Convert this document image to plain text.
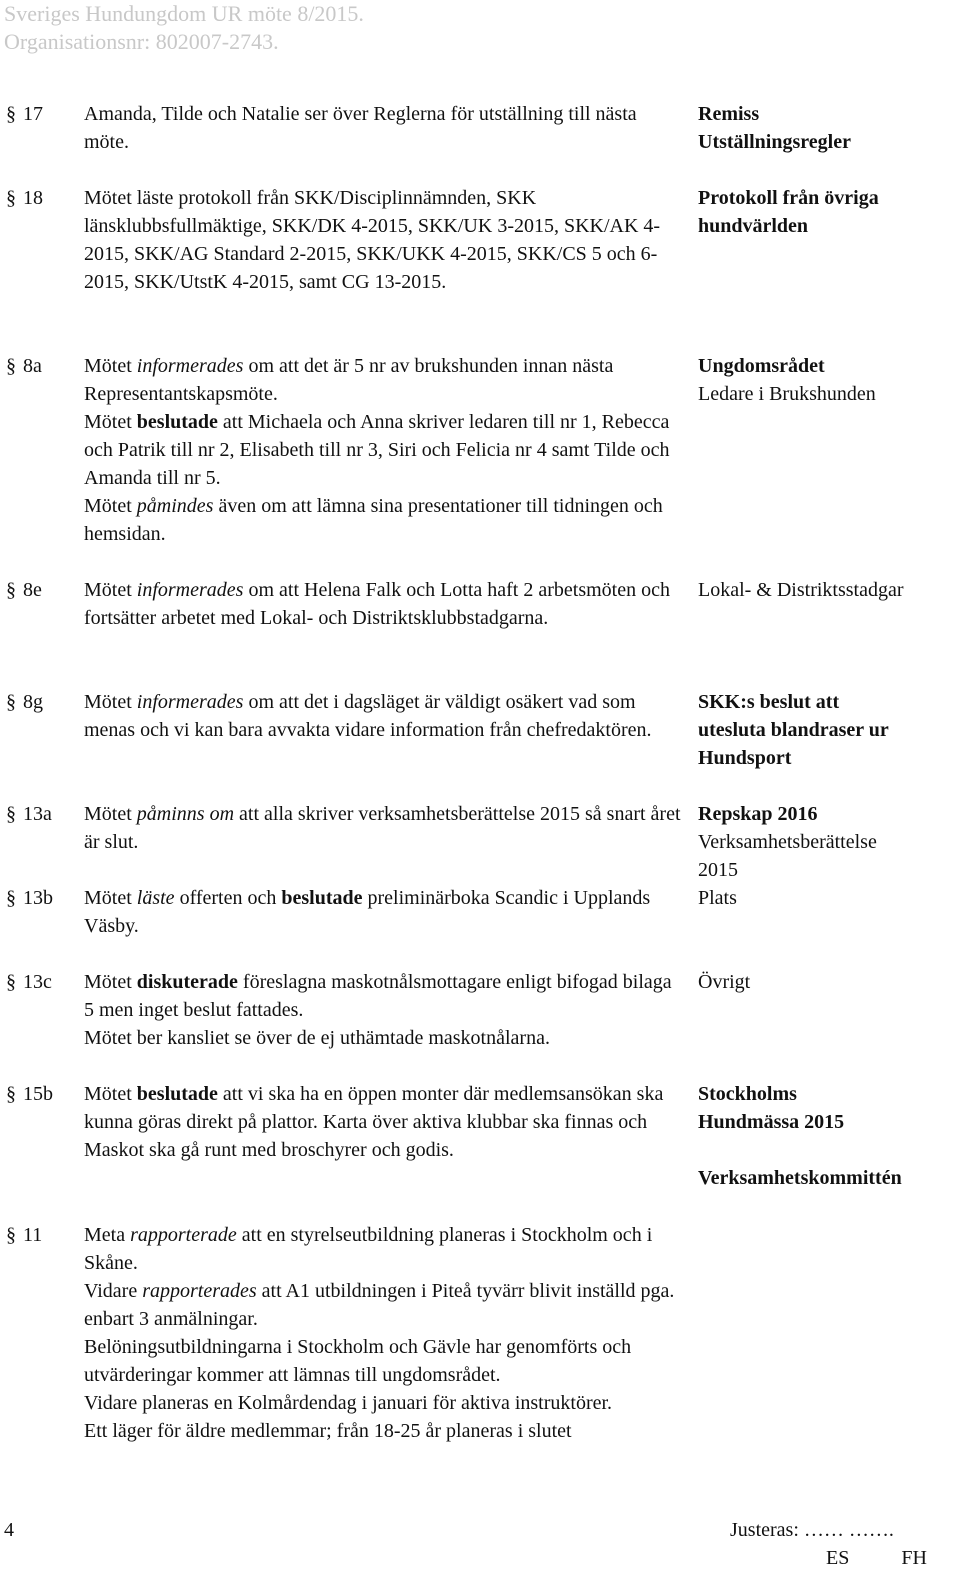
Sveriges Hundungdom UR möte 8/2015.
Organisationsnr: 802007-2743.
§ 17 Amanda, Tilde och Natalie ser över Reglerna för utställning till nästa möte.

Remiss
Utställningsregler
§ 18 Mötet läste protokoll från SKK/Disciplinnämnden, SKK länsklubbsfullmäktige, SKK/DK 4-2015, SKK/UK 3-2015, SKK/AK 4-2015, SKK/AG Standard 2-2015, SKK/UKK 4-2015, SKK/CS 5 och 6-2015, SKK/UtstK 4-2015, samt CG 13-2015.

Protokoll från övriga
hundvärlden
§ 8a Mötet informerades om att det är 5 nr av brukshunden innan nästa Representantskapsmöte.

Mötet beslutade att Michaela och Anna skriver ledaren till nr 1, Rebecca och Patrik till nr 2, Elisabeth till nr 3, Siri och Felicia nr 4 samt Tilde och Amanda till nr 5.

Mötet påmindes även om att lämna sina presentationer till tidningen och hemsidan.

Ungdomsrådet
Ledare i Brukshunden
§ 8e Mötet informerades om att Helena Falk och Lotta haft 2 arbetsmöten och fortsätter arbetet med Lokal- och Distriktsklubbstadgarna.

Lokal- & Distriktsstadgar
§ 8g Mötet informerades om att det i dagsläget är väldigt osäkert vad som menas och vi kan bara avvakta vidare information från chefredaktören.

SKK:s beslut att
utesluta blandraser ur
Hundsport
§ 13a Mötet påminns om att alla skriver verksamhetsberättelse 2015 så snart året är slut.

Repskap 2016
Verksamhetsberättelse
2015
§ 13b Mötet läste offerten och beslutade preliminärboka Scandic i Upplands Väsby.

Plats
§ 13c Mötet diskuterade föreslagna maskotnålsmottagare enligt bifogad bilaga 5 men inget beslut fattades.

Mötet ber kansliet se över de ej uthämtade maskotnålarna.

Övrigt
§ 15b Mötet beslutade att vi ska ha en öppen monter där medlemsansökan ska kunna göras direkt på plattor. Karta över aktiva klubbar ska finnas och Maskot ska gå runt med broschyrer och godis.

Stockholms
Hundmässa 2015

Verksamhetskommittén
§ 11 Meta rapporterade att en styrelseutbildning planeras i Stockholm och i Skåne.

Vidare rapporterades att A1 utbildningen i Piteå tyvärr blivit inställd pga. enbart 3 anmälningar.

Belöningsutbildningarna i Stockholm och Gävle har genomförts och utvärderingar kommer att lämnas till ungdomsrådet.

Vidare planeras en Kolmårdendag i januari för aktiva instruktörer.

Ett läger för äldre medlemmar; från 18-25 år planeras i slutet

4	Justeras: …… …….
ES	FH
